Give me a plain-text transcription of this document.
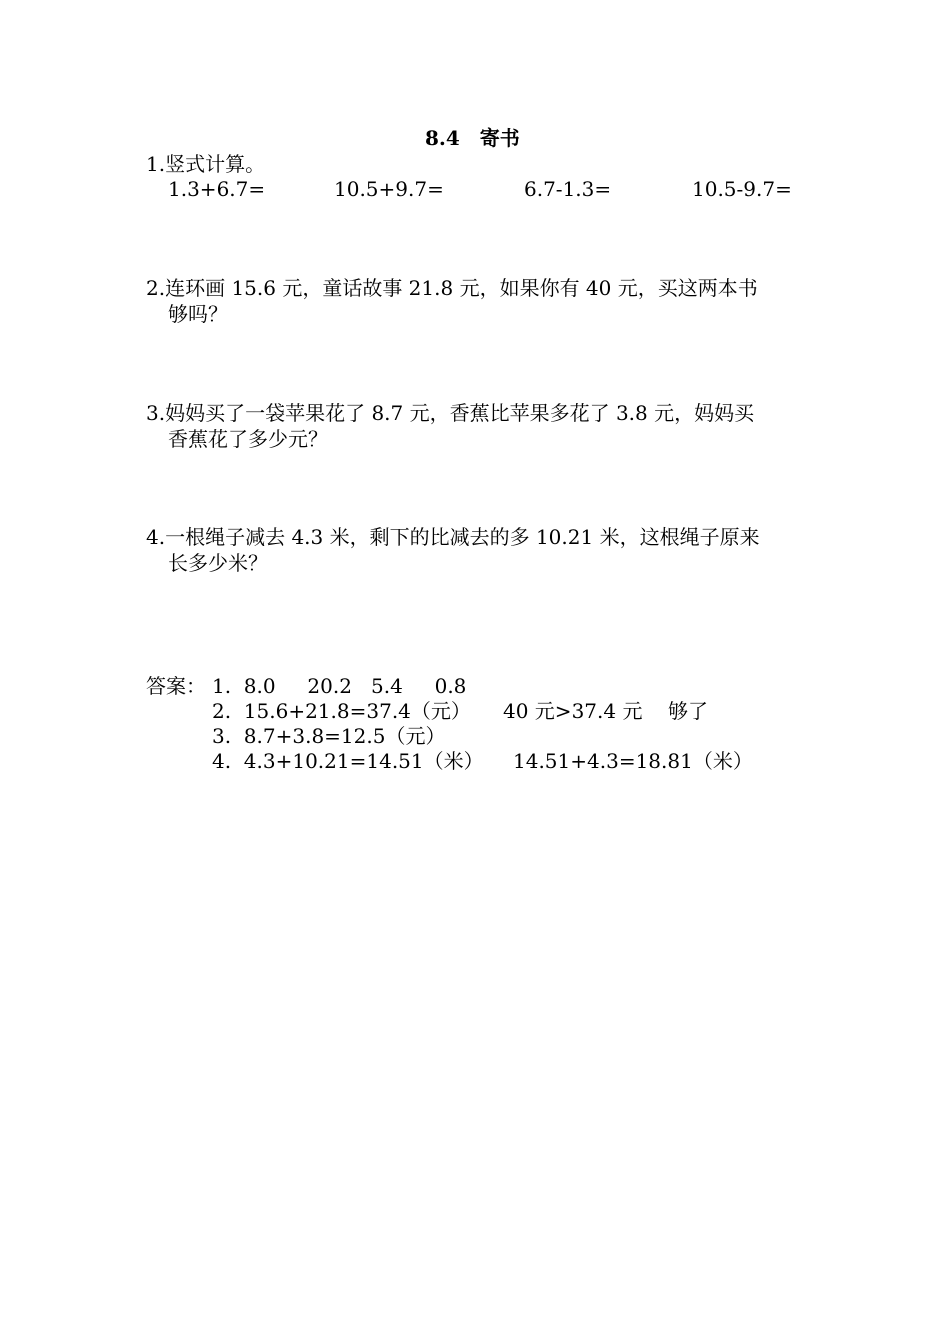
8.4　寄书
1.竖式计算。
1.3+6.7=	10.5+9.7=	6.7-1.3=	10.5-9.7=
2.连环画 15.6 元，童话故事 21.8 元，如果你有 40 元，买这两本书
够吗？
3.妈妈买了一袋苹果花了 8.7 元，香蕉比苹果多花了 3.8 元，妈妈买
香蕉花了多少元？
4.一根绳子减去 4.3 米，剩下的比减去的多 10.21 米，这根绳子原来
长多少米？
答案： 1.  8.0     20.2   5.4     0.8
2.  15.6+21.8=37.4（元） 40 元>37.4 元 够了
3.  8.7+3.8=12.5（元）
4.  4.3+10.21=14.51（米） 14.51+4.3=18.81（米）
